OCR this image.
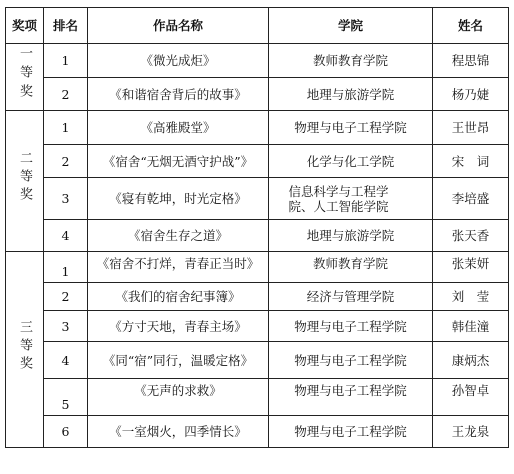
奖项	排名	作品名称	学院	姓名
一等奖	1	《微光成炬》	教师教育学院	程思锦
	2	《和谐宿舍背后的故事》	地理与旅游学院	杨乃婕
二等奖	1	《高雅殿堂》	物理与电子工程学院	王世昂
	2	《宿舍“无烟无酒守护战”》	化学与化工学院	宋　词
	3	《寝有乾坤，时光定格》	信息科学与工程学院、人工智能学院	李培盛
	4	《宿舍生存之道》	地理与旅游学院	张天香
三等奖	1	《宿舍不打烊，青春正当时》	教师教育学院	张茉妍
	2	《我们的宿舍纪事簿》	经济与管理学院	刘　莹
	3	《方寸天地，青春主场》	物理与电子工程学院	韩佳潼
	4	《同“宿”同行，温暖定格》	物理与电子工程学院	康炳杰
	5	《无声的求救》	物理与电子工程学院	孙智卓
	6	《一室烟火，四季情长》	物理与电子工程学院	王龙泉
